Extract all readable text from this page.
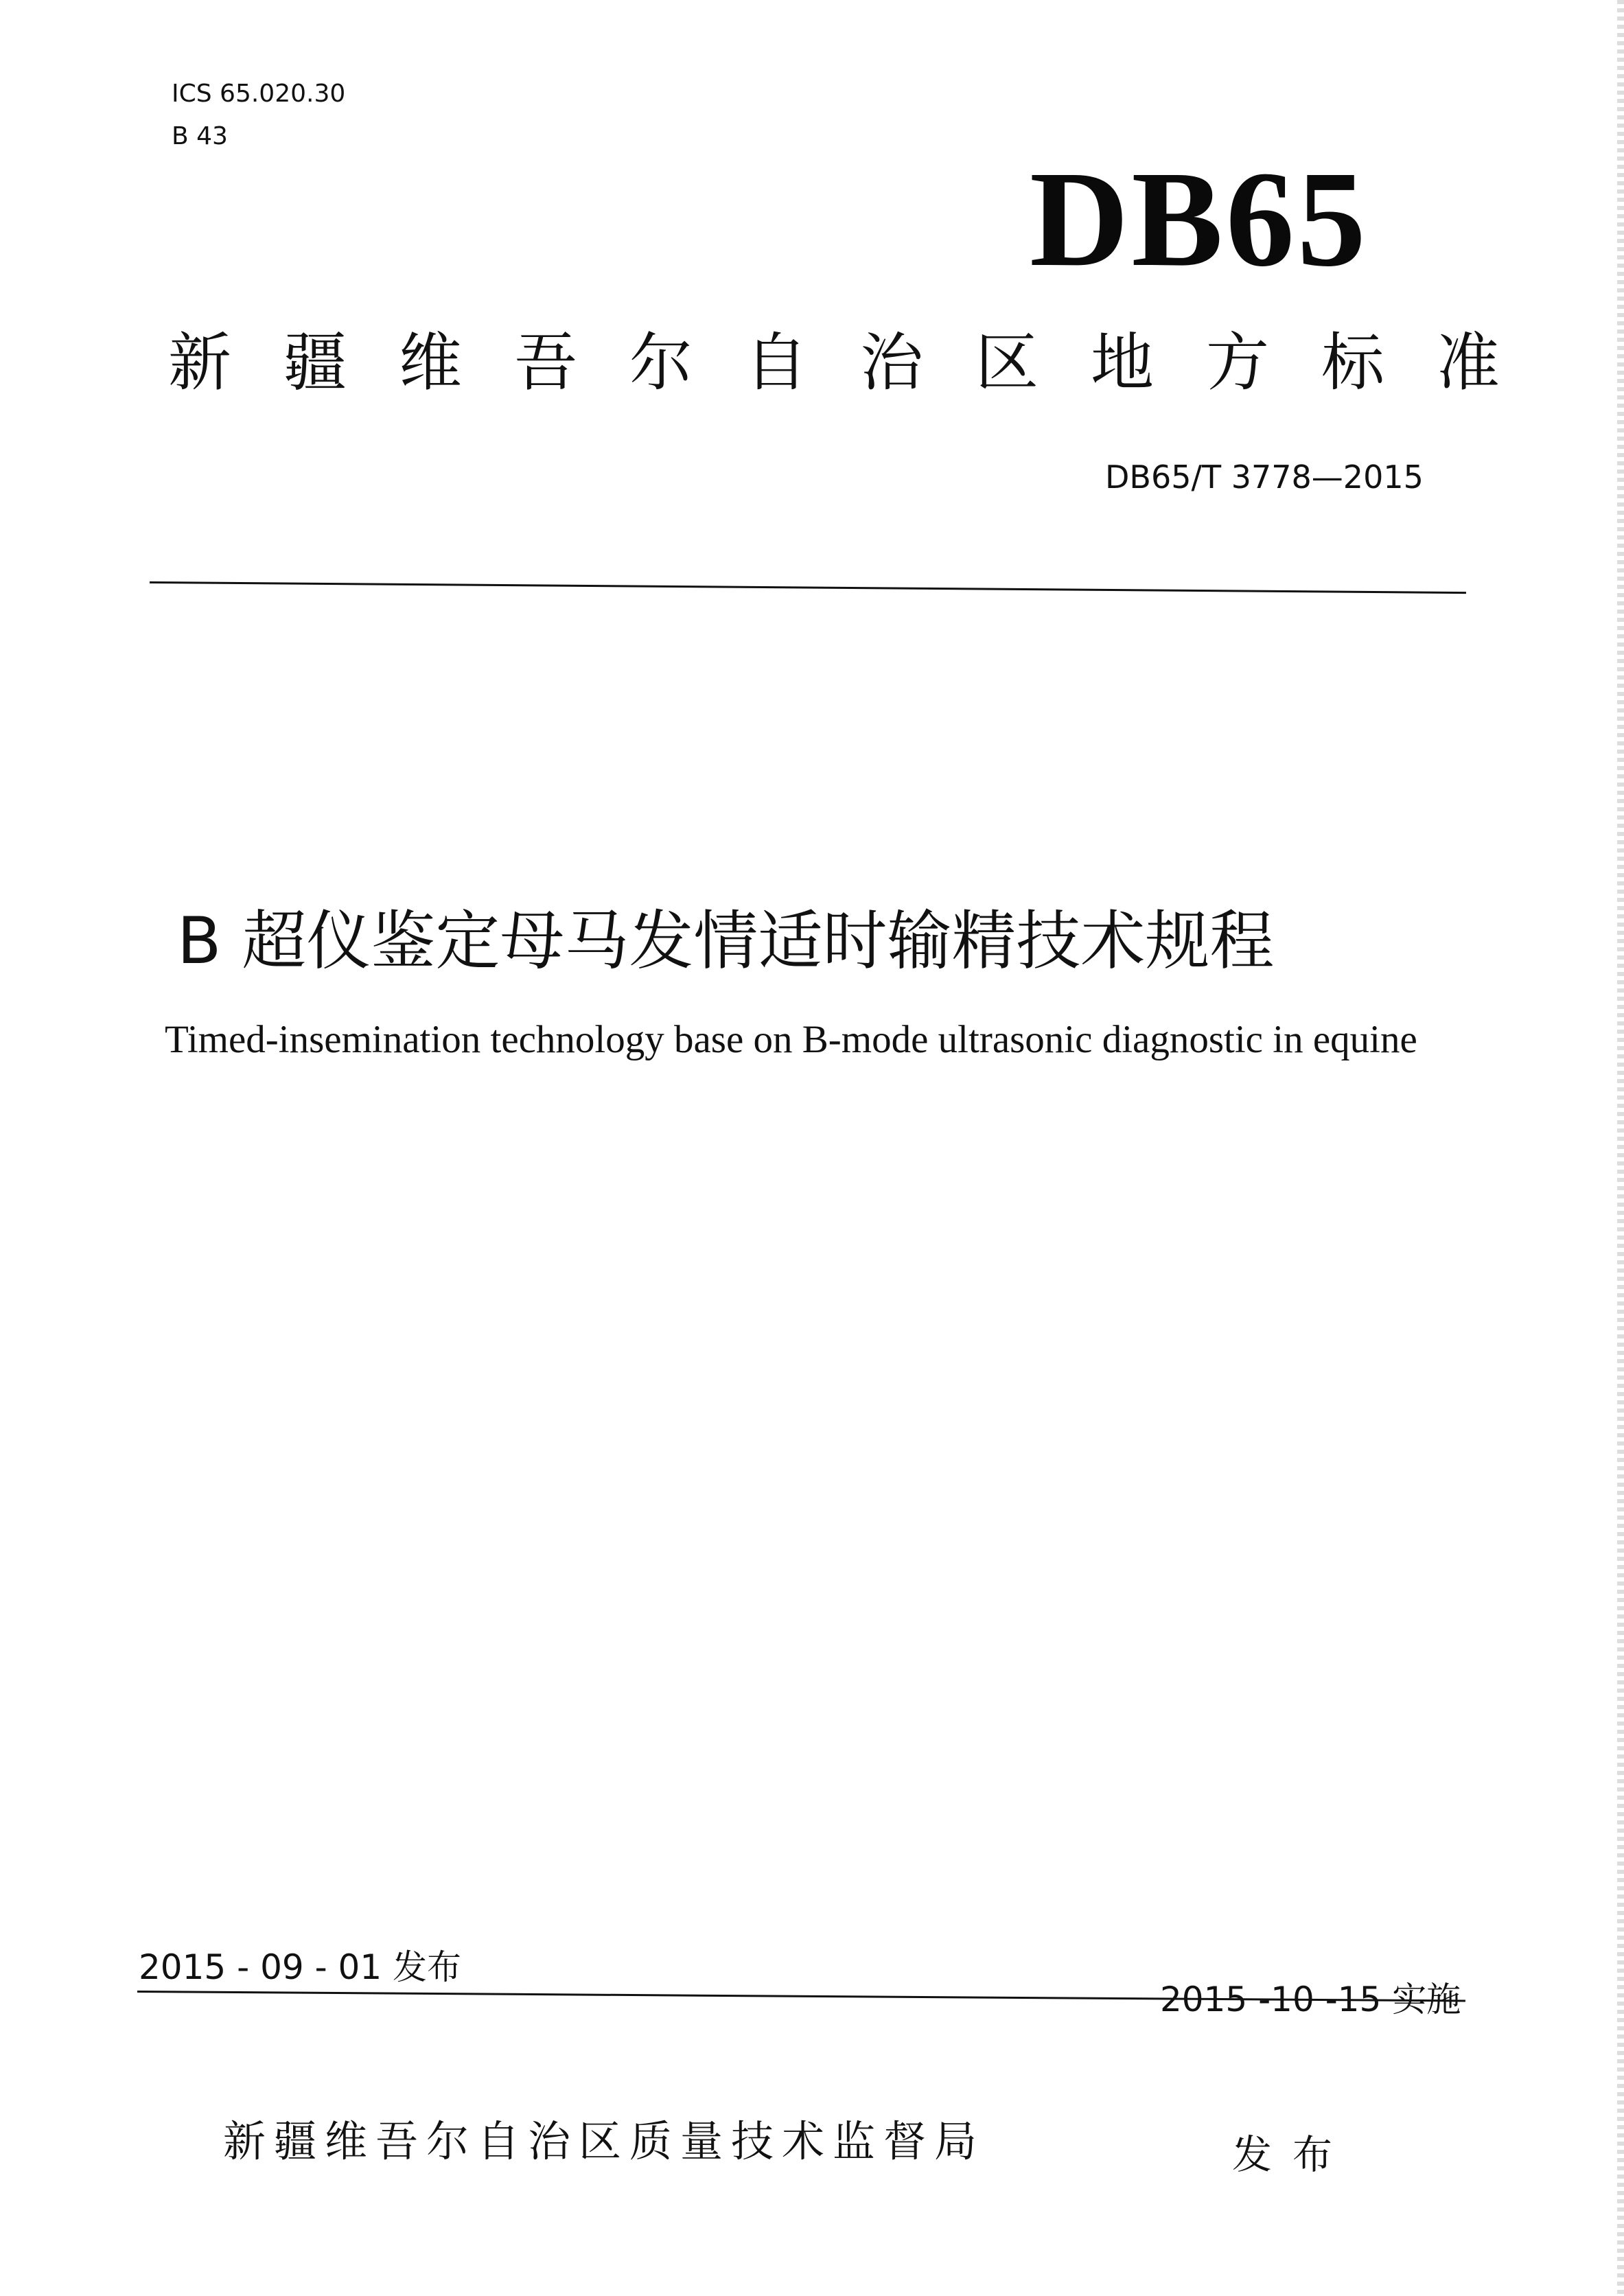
ICS 65.020.30
B 43
DB65
新疆维吾尔自治区地方标准
DB65/T 3778—2015
B 超仪鉴定母马发情适时输精技术规程
Timed-insemination technology base on B-mode ultrasonic diagnostic in equine
2015 - 09 - 01 发布
2015 -10 -15 实施
新疆维吾尔自治区质量技术监督局	发布
